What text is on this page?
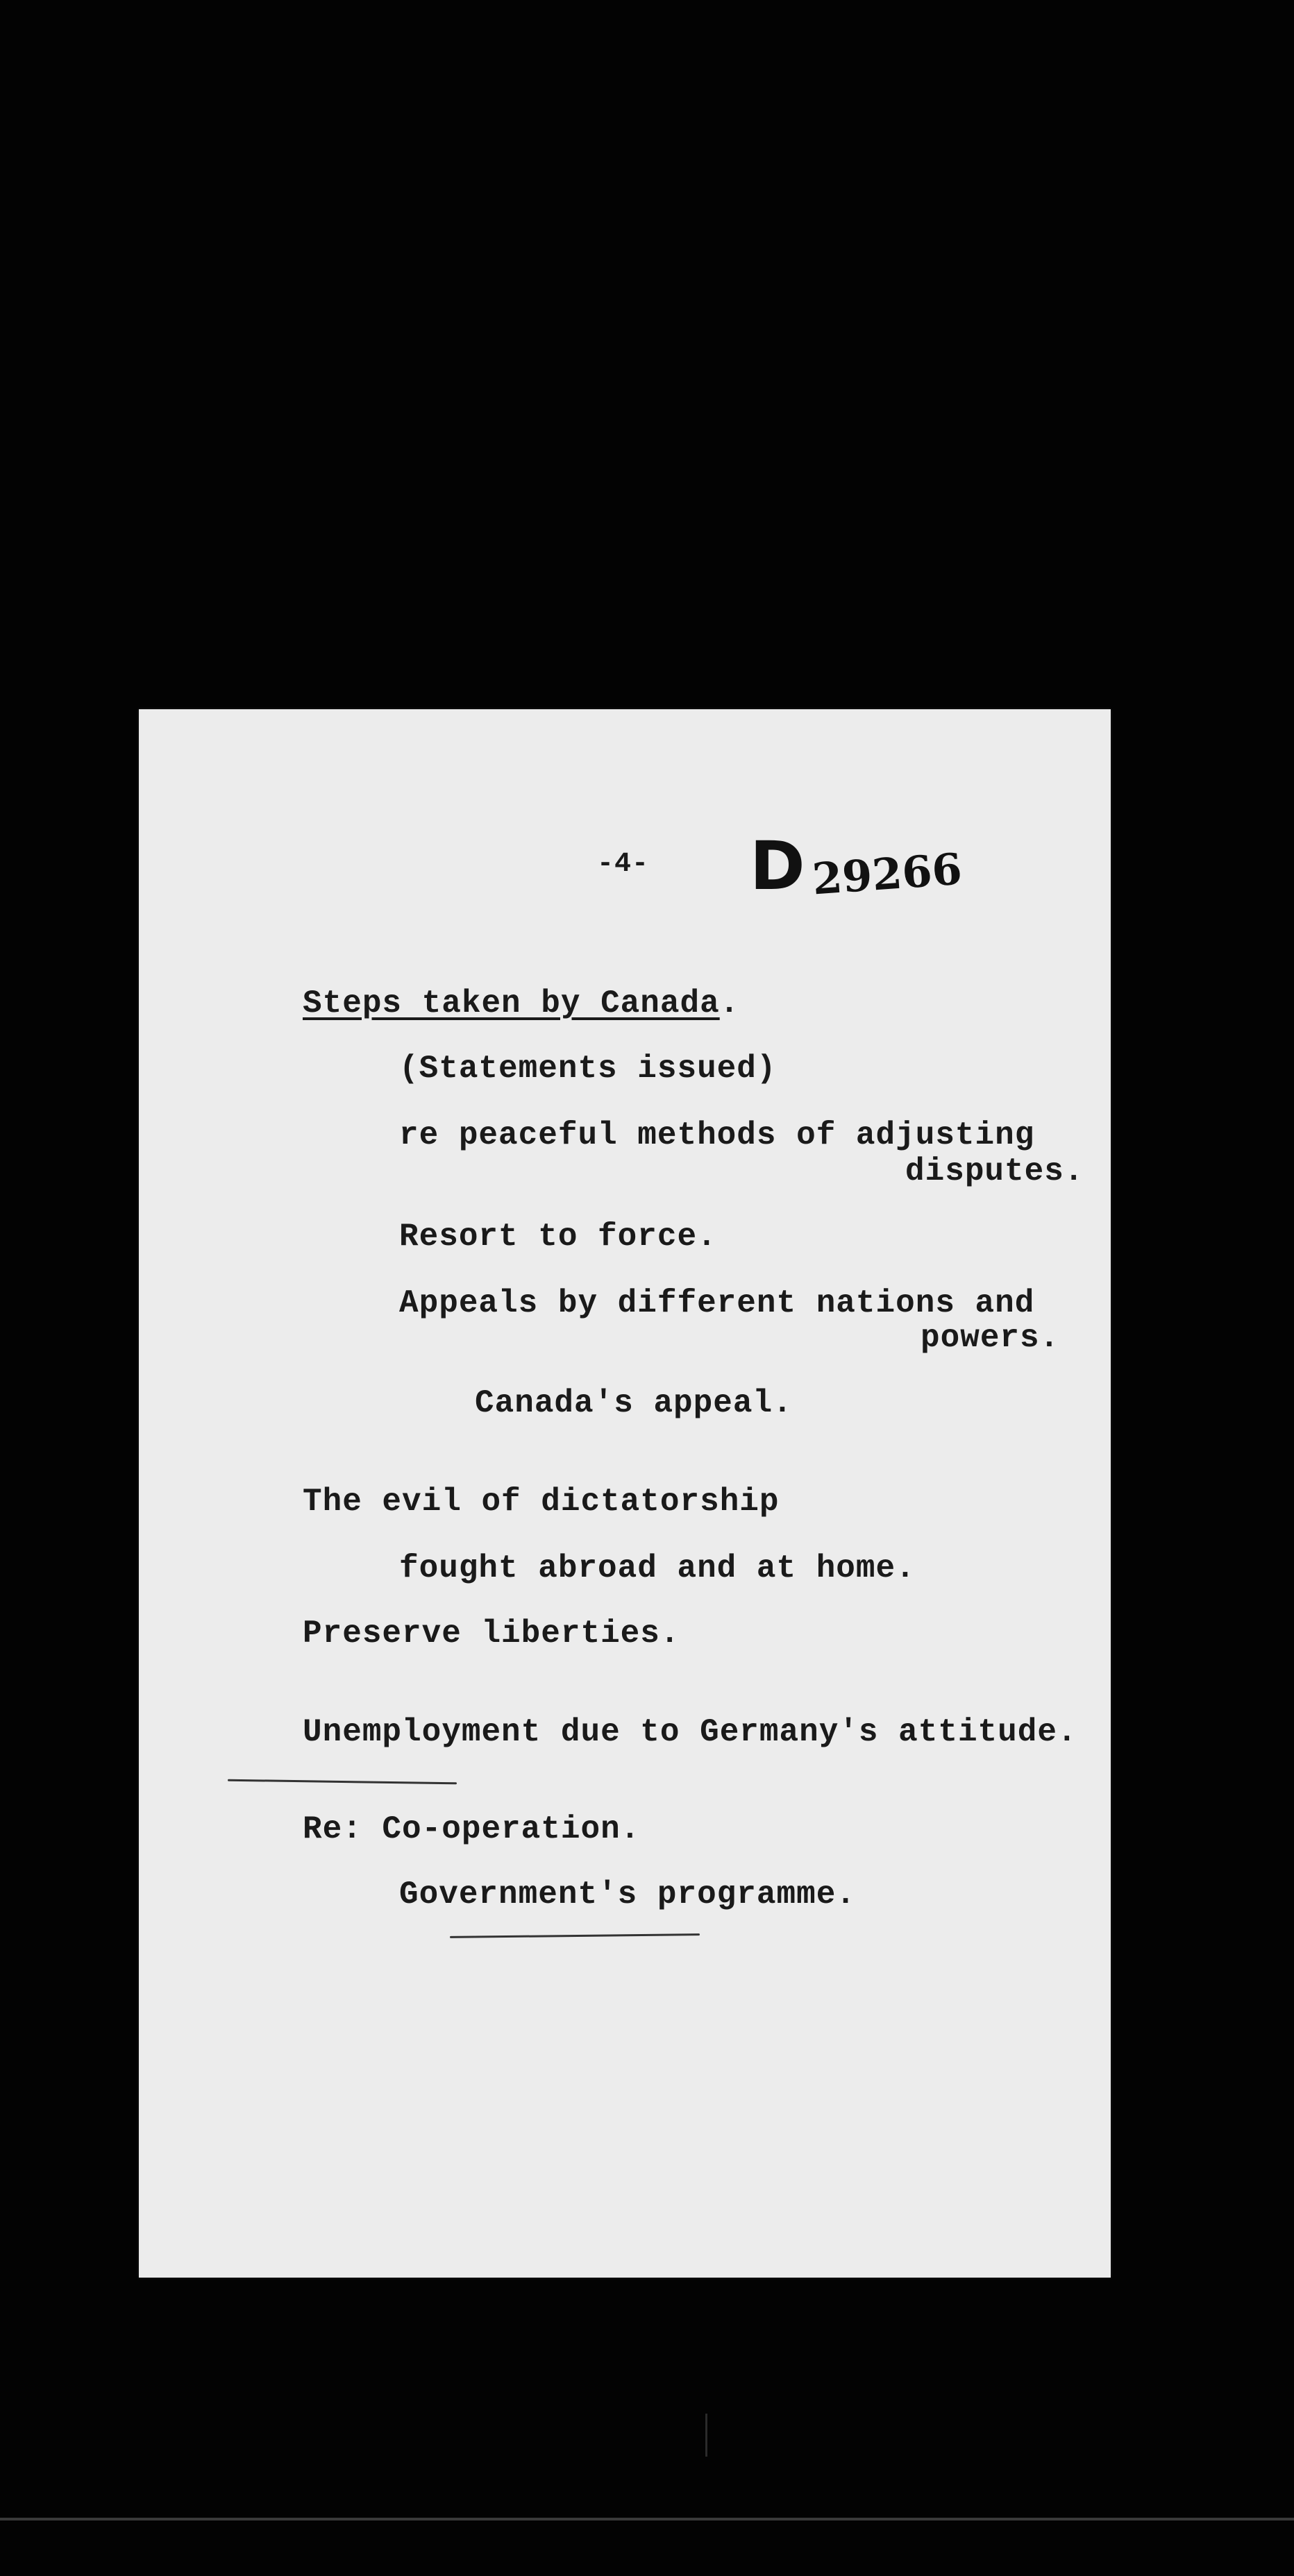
-4- D 29266
Steps taken by Canada.
(Statements issued)
re peaceful methods of adjusting
disputes.
Resort to force.
Appeals by different nations and
powers.
Canada's appeal.
The evil of dictatorship
fought abroad and at home.
Preserve liberties.
Unemployment due to Germany's attitude.
Re: Co-operation.
Government's programme.
